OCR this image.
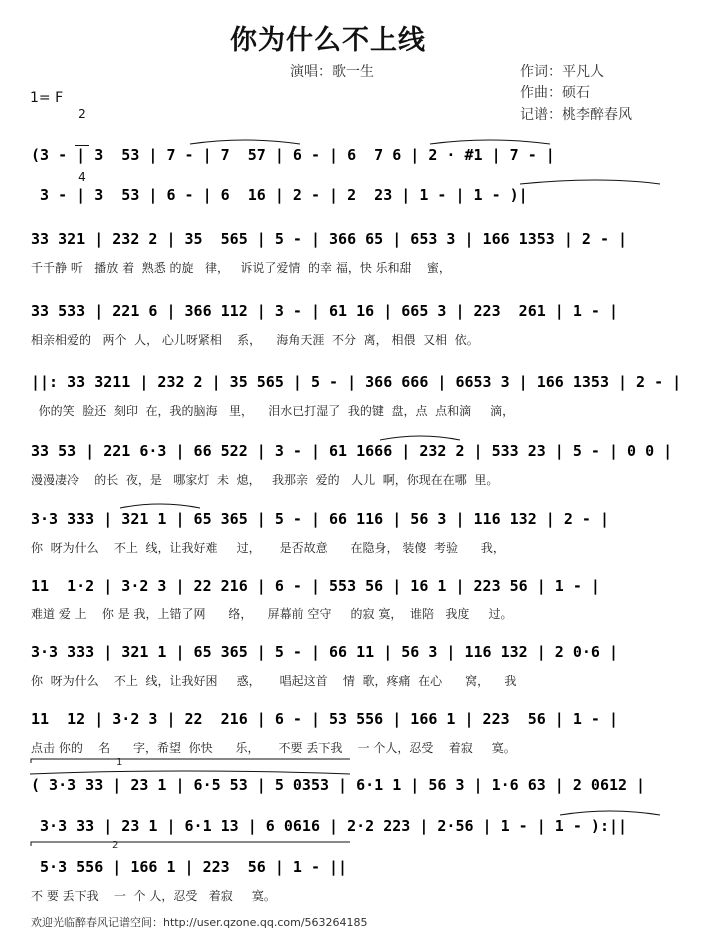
你为什么不上线
演唱：歌一生	作词：平凡人
作曲：硕石
记谱：桃李醉春风
1= F

2

4

(3 - | 3  53 | 7 - | 7  57 | 6 - | 6  7 6 | 2 · #1 | 7 - |
3 - | 3  53 | 6 - | 6  16 | 2 - | 2  23 | 1 - | 1 - )|
33 321 | 232 2 | 35  565 | 5 - | 366 65 | 653 3 | 166 1353 | 2 - |
千千静 听   播放 着  熟悉 的旋   律，   诉说了爱情  的幸 福，快 乐和甜    蜜，
33 533 | 221 6 | 366 112 | 3 - | 61 16 | 665 3 | 223  261 | 1 - |
相亲相爱的   两个  人， 心儿呀紧相    系，    海角天涯  不分  离， 相偎  又相  依。
||: 33 3211 | 232 2 | 35 565 | 5 - | 366 666 | 6653 3 | 166 1353 | 2 - |
你的笑  脸还  刻印  在，我的脑海   里，    泪水已打湿了  我的键  盘，点  点和滴     滴，
33 53 | 221 6·3 | 66 522 | 3 - | 61 1666 | 232 2 | 533 23 | 5 - | 0 0 |
漫漫凄冷    的长  夜，是   哪家灯  未  熄，   我那亲  爱的   人儿  啊，你现在在哪  里。
3·3 333 | 321 1 | 65 365 | 5 - | 66 116 | 56 3 | 116 132 | 2 - |
你  呀为什么    不上  线，让我好难     过，     是否故意      在隐身， 装傻  考验      我，
11  1·2 | 3·2 3 | 22 216 | 6 - | 553 56 | 16 1 | 223 56 | 1 - |
难道 爱 上    你 是 我，上错了网      络，    屏幕前 空守     的寂 寞，  谁陪   我度     过。
3·3 333 | 321 1 | 65 365 | 5 - | 66 11 | 56 3 | 116 132 | 2 0·6 |
你  呀为什么    不上  线，让我好困     惑，     唱起这首    情  歌，疼痛  在心      窝，    我
11  12 | 3·2 3 | 22  216 | 6 - | 53 556 | 166 1 | 223  56 | 1 - |
点击 你的    名      字，希望  你快      乐，     不要 丢下我    一 个人，忍受    着寂     寞。
( 3·3 33 | 23 1 | 6·5 53 | 5 0353 | 6·1 1 | 56 3 | 1·6 63 | 2 0612 |
3·3 33 | 23 1 | 6·1 13 | 6 0616 | 2·2 223 | 2·56 | 1 - | 1 - ):||
5·3 556 | 166 1 | 223  56 | 1 - ||
不 要 丢下我    一  个 人，忍受   着寂     寞。
1
2
欢迎光临醉春风记谱空间：http://user.qzone.qq.com/563264185
